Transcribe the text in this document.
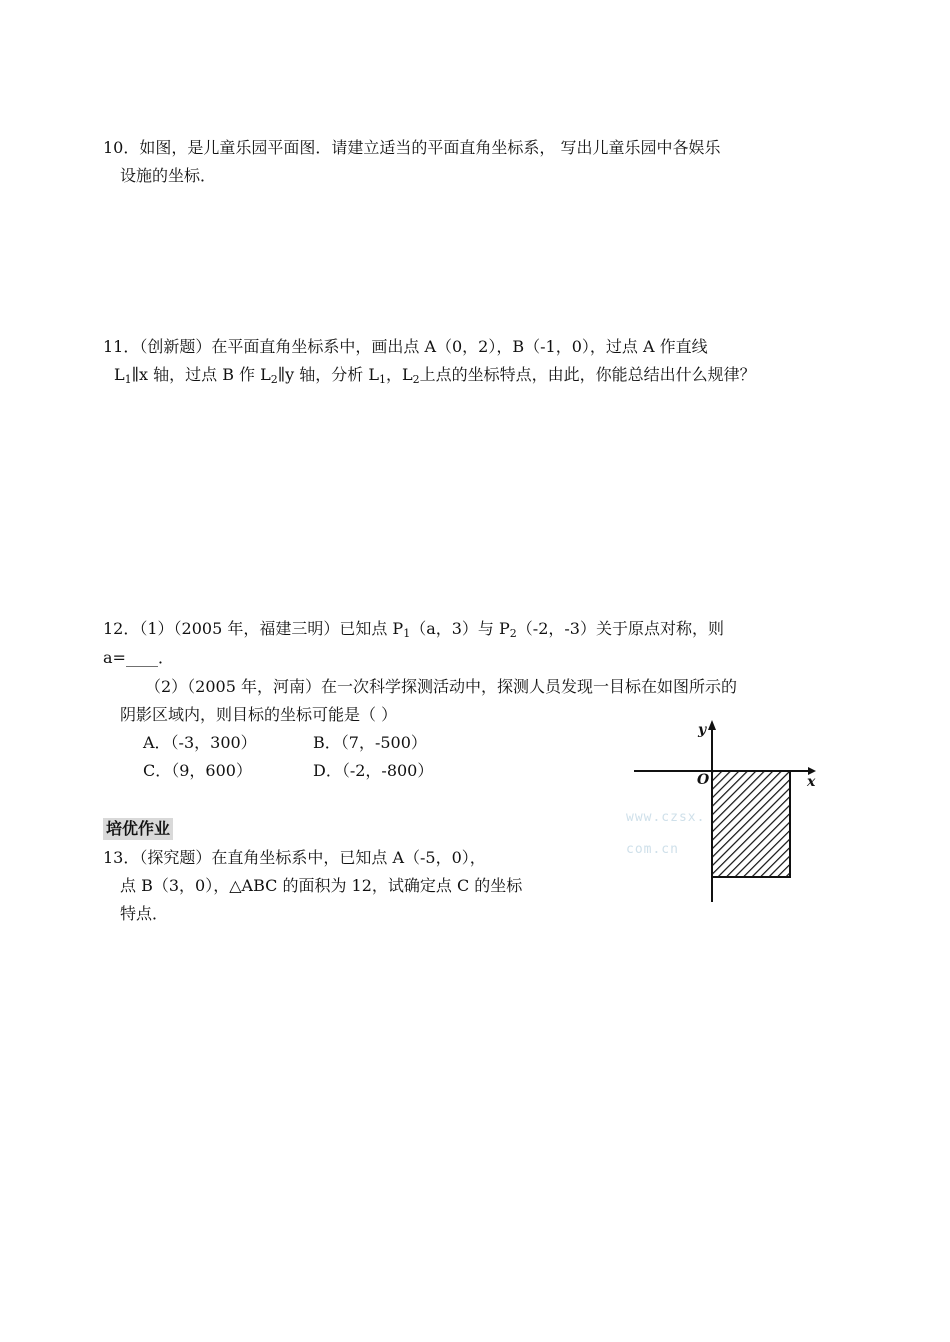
10．如图，是儿童乐园平面图．请建立适当的平面直角坐标系， 写出儿童乐园中各娱乐
设施的坐标．
11．（创新题）在平面直角坐标系中，画出点 A（0，2），B（-1，0），过点 A 作直线
$L_1\parallel x$ 轴，过点 B 作 $L_2\parallel y$ 轴，分析 $L_1$，$L_2$上点的坐标特点，由此，你能总结出什么规律？
12．（1）（2005 年，福建三明）已知点 $P_1(a$，3）与 $P_2(-2$，-3）关于原点对称，则
a=____．
（2）（2005 年，河南）在一次科学探测活动中，探测人员发现一目标在如图所示的
阴影区域内，则目标的坐标可能是（ ）
A．（-3，300）	B．（7，-500）
C．（9，600）	D．（-2，-800）
y
x
O
www.czsx.
com.cn
培优作业
13．（探究题）在直角坐标系中，已知点 A（-5，0），
点 B（3，0），△ABC 的面积为 12，试确定点 C 的坐标
特点．
